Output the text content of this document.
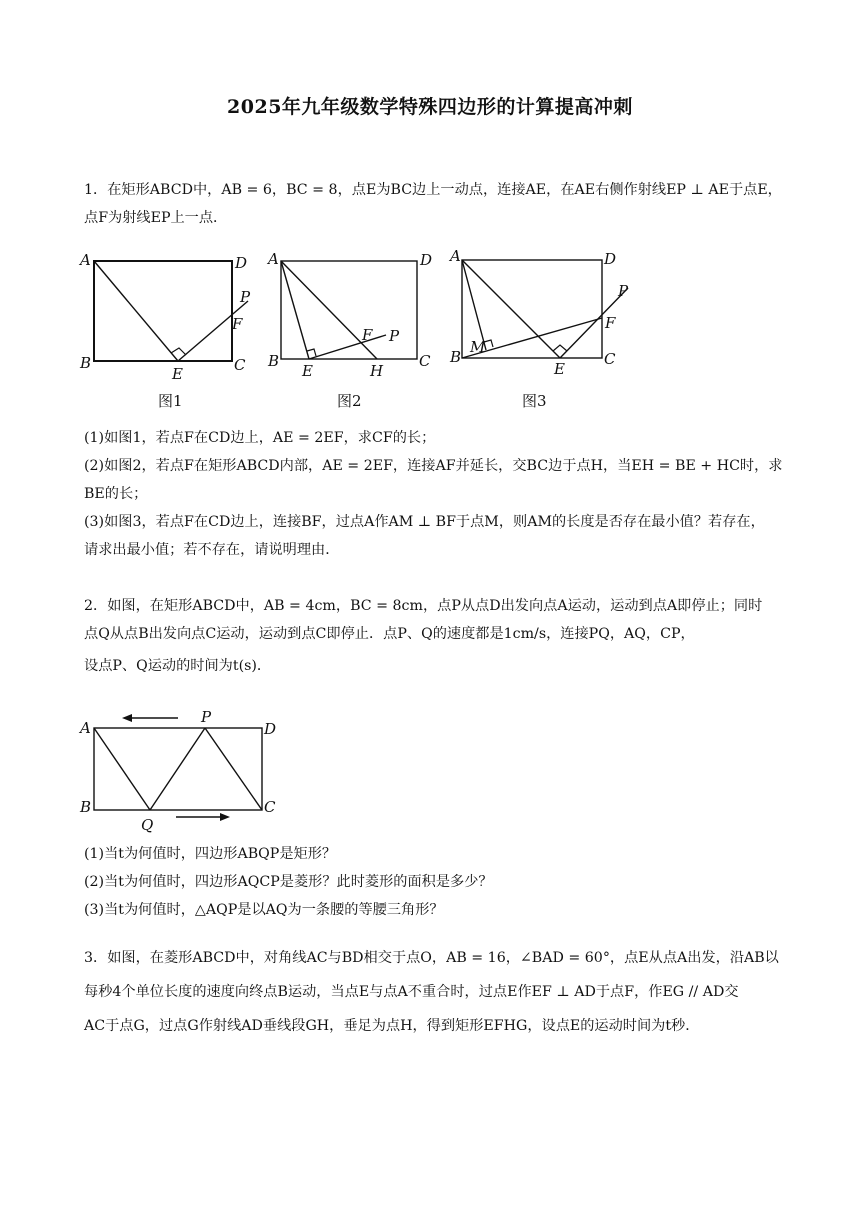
2025年九年级数学特殊四边形的计算提高冲刺
1．在矩形ABCD中，AB = 6，BC = 8，点E为BC边上一动点，连接AE，在AE右侧作射线EP ⊥ AE于点E，
点F为射线EP上一点．
A
B	C
D
E
F
P
A
B	C
D
E
F P
H
A
B	C
D
E
F
P
M
图1	图2	图3
(1)如图1，若点F在CD边上，AE = 2EF，求CF的长；
(2)如图2，若点F在矩形ABCD内部，AE = 2EF，连接AF并延长，交BC边于点H，当EH = BE + HC时，求
BE的长；
(3)如图3，若点F在CD边上，连接BF，过点A作AM ⊥ BF于点M，则AM的长度是否存在最小值？若存在，
请求出最小值；若不存在，请说明理由．
2．如图，在矩形ABCD中，AB = 4cm，BC = 8cm，点P从点D出发向点A运动，运动到点A即停止；同时
点Q从点B出发向点C运动，运动到点C即停止．点P、Q的速度都是1cm/s，连接PQ，AQ，CP，
设点P、Q运动的时间为t(s)．
A
B	C
D
P
Q
(1)当t为何值时，四边形ABQP是矩形？
(2)当t为何值时，四边形AQCP是菱形？此时菱形的面积是多少？
(3)当t为何值时，△AQP是以AQ为一条腰的等腰三角形？
3．如图，在菱形ABCD中，对角线AC与BD相交于点O，AB = 16，∠BAD = 60°，点E从点A出发，沿AB以
每秒4个单位长度的速度向终点B运动，当点E与点A不重合时，过点E作EF ⊥ AD于点F，作EG // AD交
AC于点G，过点G作射线AD垂线段GH，垂足为点H，得到矩形EFHG，设点E的运动时间为t秒．
